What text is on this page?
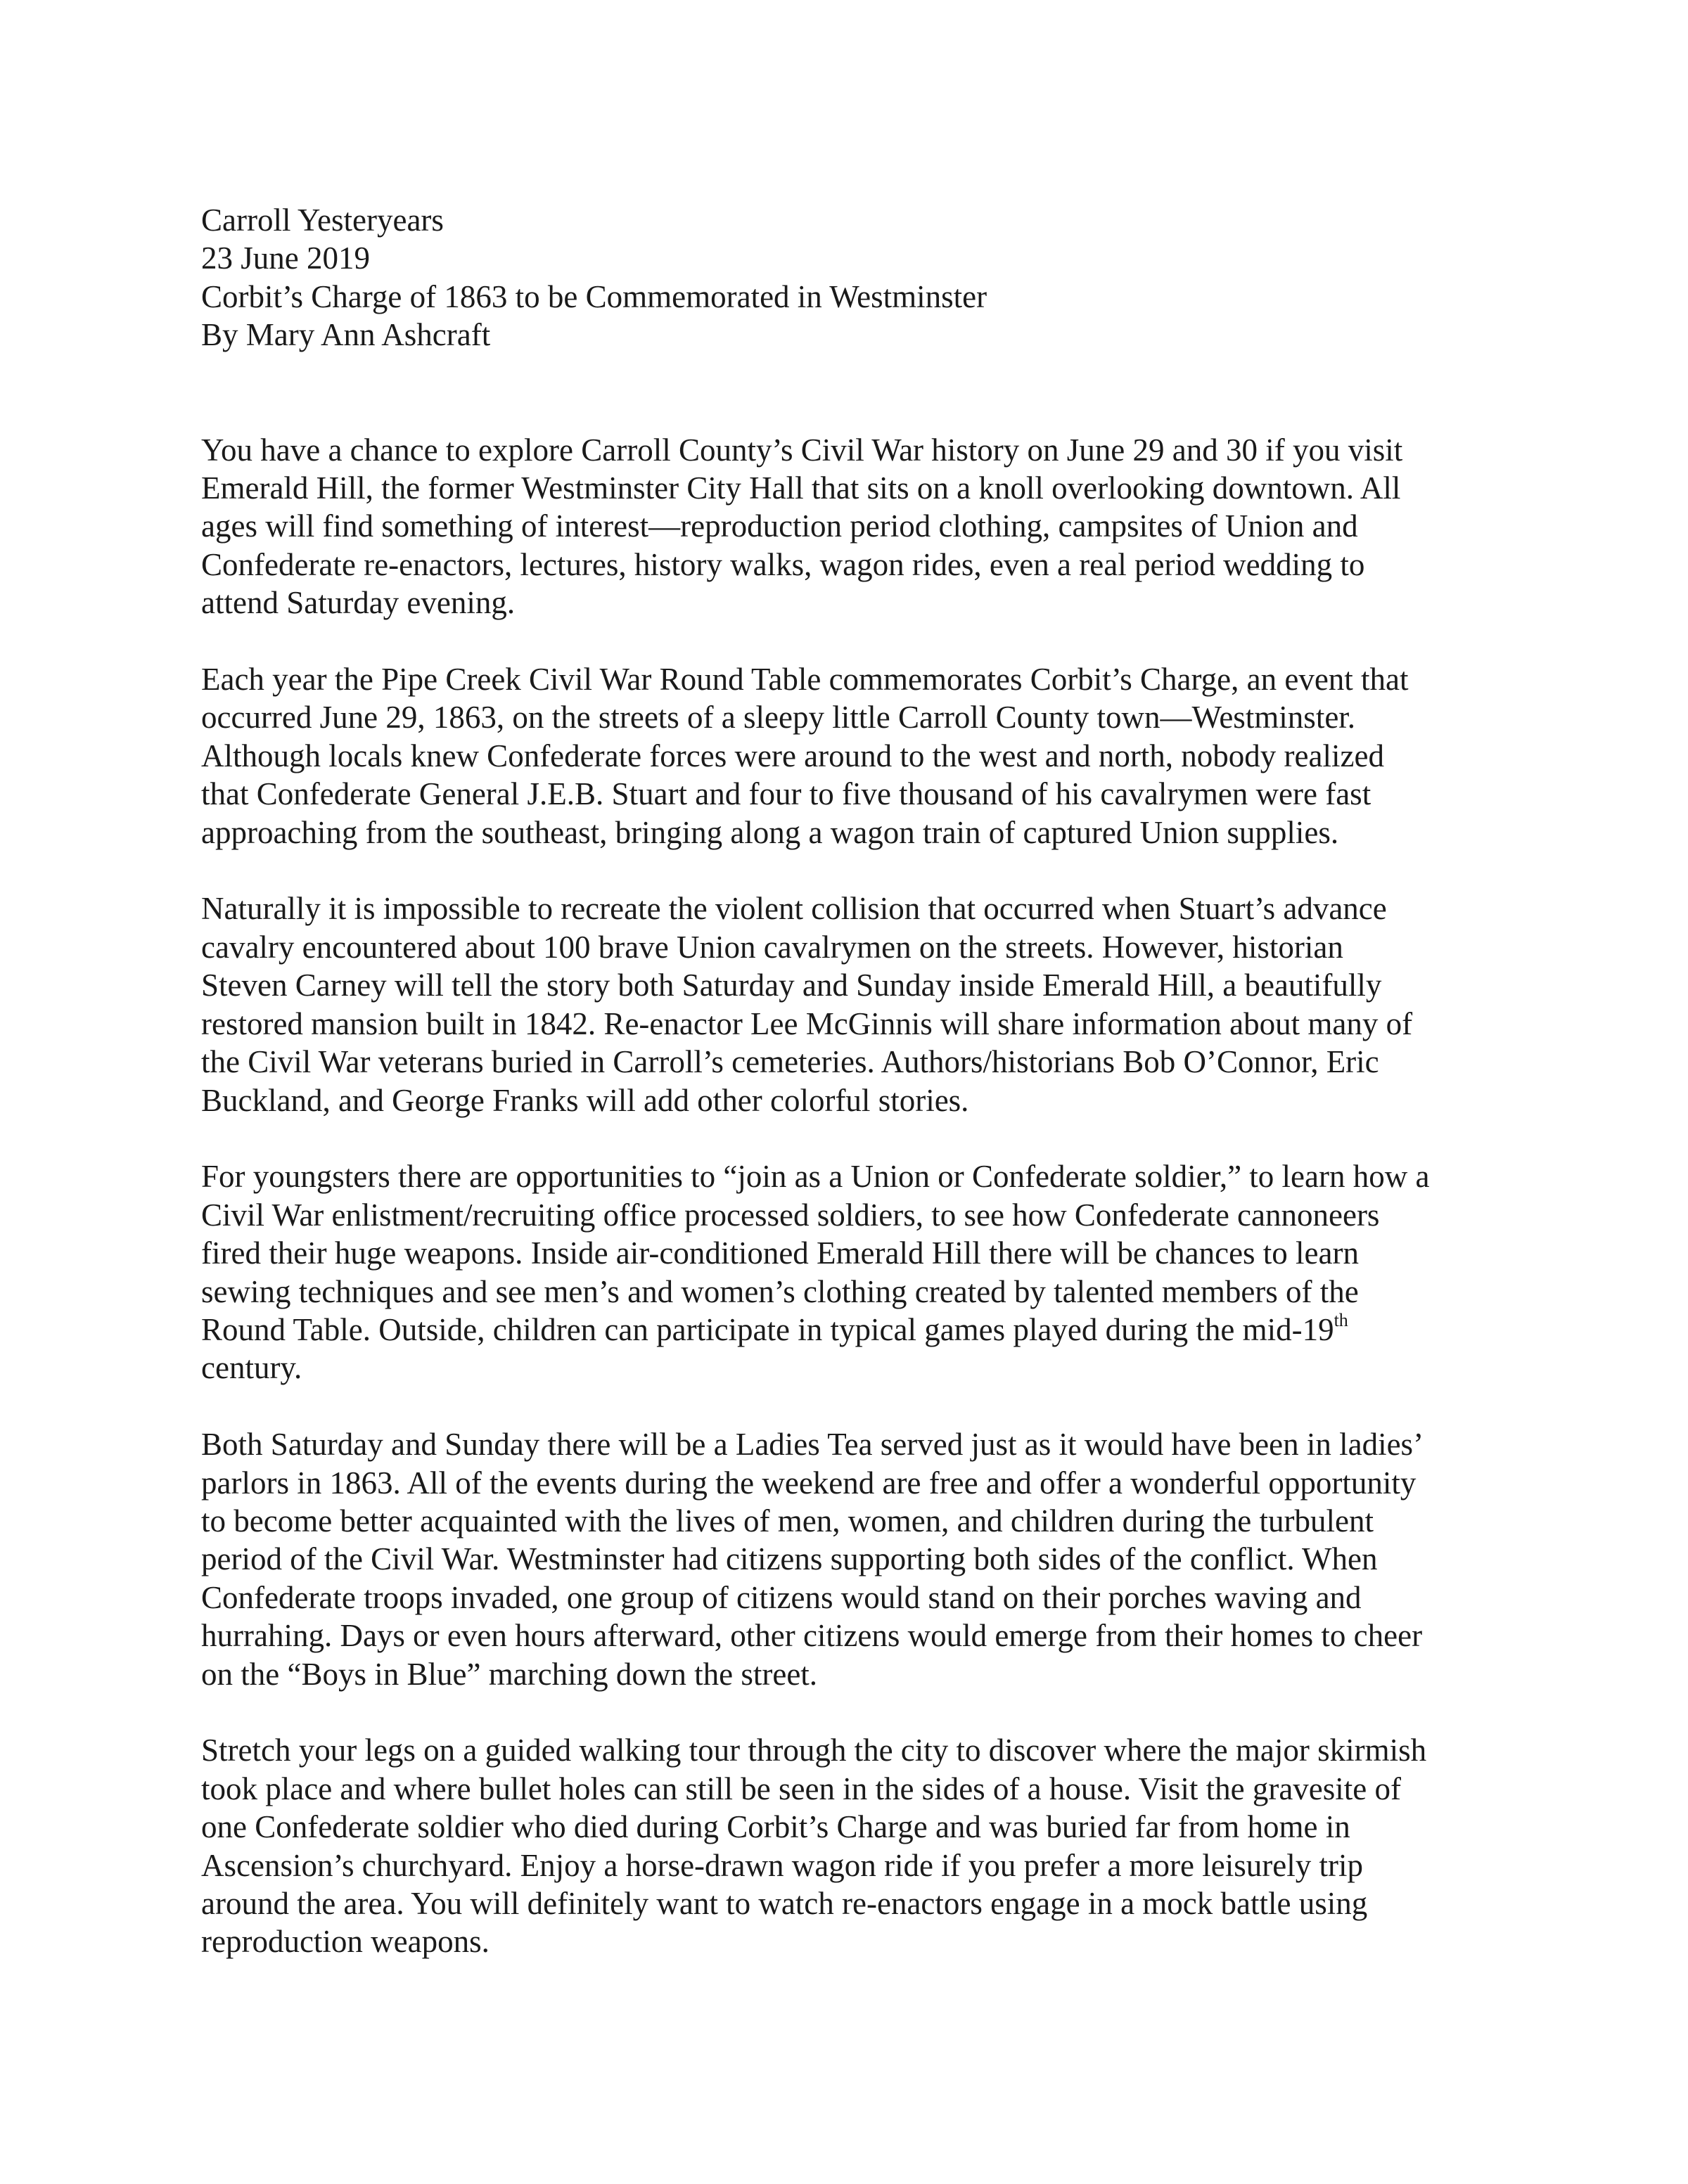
Carroll Yesteryears
23 June 2019
Corbit’s Charge of 1863 to be Commemorated in Westminster
By Mary Ann Ashcraft

You have a chance to explore Carroll County’s Civil War history on June 29 and 30 if you visit
Emerald Hill, the former Westminster City Hall that sits on a knoll overlooking downtown. All
ages will find something of interest—reproduction period clothing, campsites of Union and
Confederate re-enactors, lectures, history walks, wagon rides, even a real period wedding to
attend Saturday evening.

Each year the Pipe Creek Civil War Round Table commemorates Corbit’s Charge, an event that
occurred June 29, 1863, on the streets of a sleepy little Carroll County town—Westminster.
Although locals knew Confederate forces were around to the west and north, nobody realized
that Confederate General J.E.B. Stuart and four to five thousand of his cavalrymen were fast
approaching from the southeast, bringing along a wagon train of captured Union supplies.

Naturally it is impossible to recreate the violent collision that occurred when Stuart’s advance
cavalry encountered about 100 brave Union cavalrymen on the streets. However, historian
Steven Carney will tell the story both Saturday and Sunday inside Emerald Hill, a beautifully
restored mansion built in 1842. Re-enactor Lee McGinnis will share information about many of
the Civil War veterans buried in Carroll’s cemeteries. Authors/historians Bob O’Connor, Eric
Buckland, and George Franks will add other colorful stories.

For youngsters there are opportunities to “join as a Union or Confederate soldier,” to learn how a
Civil War enlistment/recruiting office processed soldiers, to see how Confederate cannoneers
fired their huge weapons. Inside air-conditioned Emerald Hill there will be chances to learn
sewing techniques and see men’s and women’s clothing created by talented members of the
Round Table. Outside, children can participate in typical games played during the mid-19th
century.

Both Saturday and Sunday there will be a Ladies Tea served just as it would have been in ladies’
parlors in 1863. All of the events during the weekend are free and offer a wonderful opportunity
to become better acquainted with the lives of men, women, and children during the turbulent
period of the Civil War. Westminster had citizens supporting both sides of the conflict. When
Confederate troops invaded, one group of citizens would stand on their porches waving and
hurrahing. Days or even hours afterward, other citizens would emerge from their homes to cheer
on the “Boys in Blue” marching down the street.

Stretch your legs on a guided walking tour through the city to discover where the major skirmish
took place and where bullet holes can still be seen in the sides of a house. Visit the gravesite of
one Confederate soldier who died during Corbit’s Charge and was buried far from home in
Ascension’s churchyard. Enjoy a horse-drawn wagon ride if you prefer a more leisurely trip
around the area. You will definitely want to watch re-enactors engage in a mock battle using
reproduction weapons.
